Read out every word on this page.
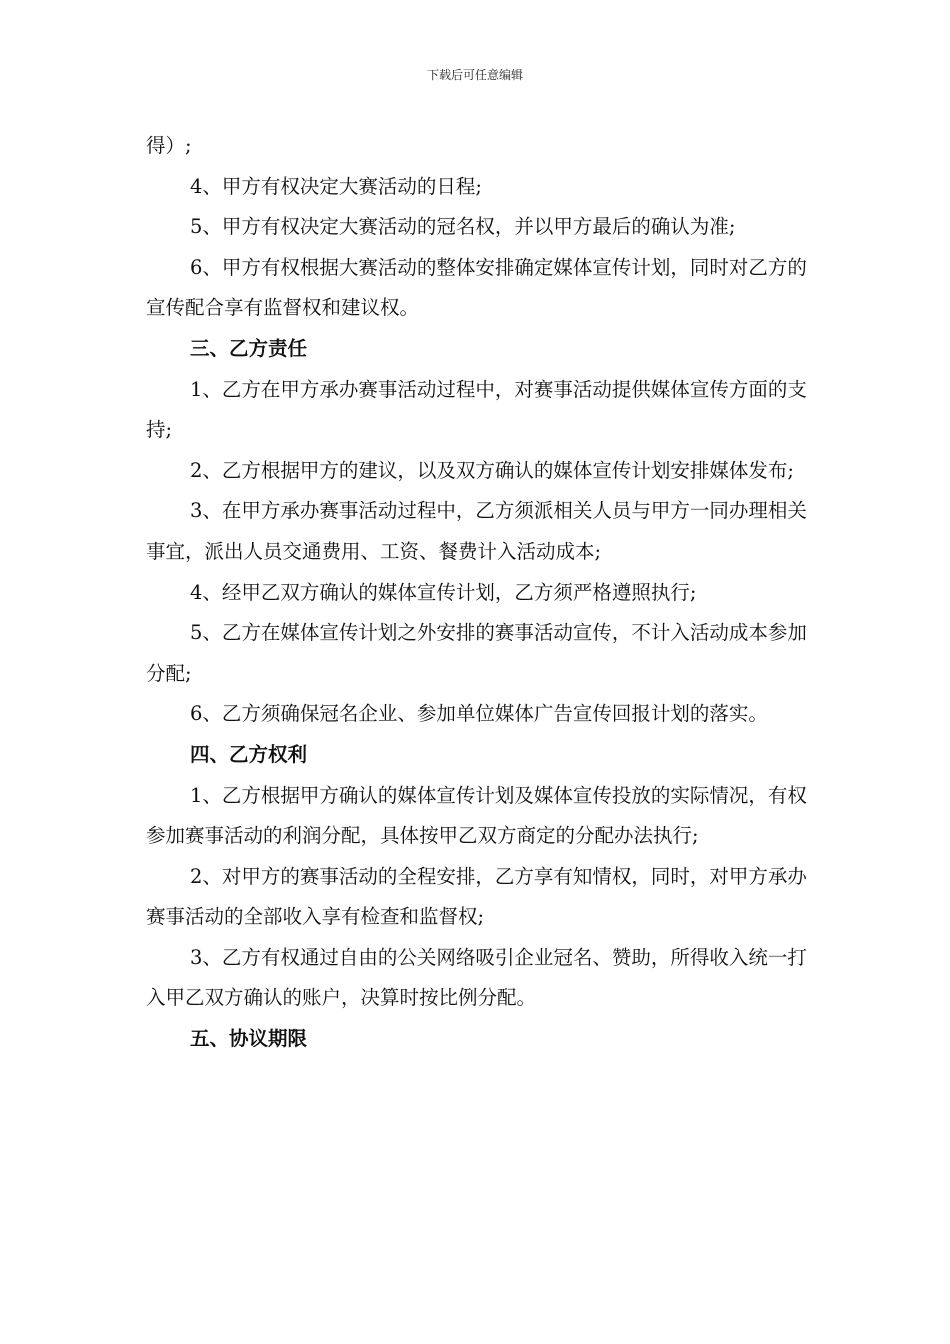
下载后可任意编辑

得）;

4、甲方有权决定大赛活动的日程;

5、甲方有权决定大赛活动的冠名权，并以甲方最后的确认为准;

6、甲方有权根据大赛活动的整体安排确定媒体宣传计划，同时对乙方的宣传配合享有监督权和建议权。

三、乙方责任

1、乙方在甲方承办赛事活动过程中，对赛事活动提供媒体宣传方面的支持;

2、乙方根据甲方的建议，以及双方确认的媒体宣传计划安排媒体发布;

3、在甲方承办赛事活动过程中，乙方须派相关人员与甲方一同办理相关事宜，派出人员交通费用、工资、餐费计入活动成本;

4、经甲乙双方确认的媒体宣传计划，乙方须严格遵照执行;

5、乙方在媒体宣传计划之外安排的赛事活动宣传，不计入活动成本参加分配;

6、乙方须确保冠名企业、参加单位媒体广告宣传回报计划的落实。

四、乙方权利

1、乙方根据甲方确认的媒体宣传计划及媒体宣传投放的实际情况，有权参加赛事活动的利润分配，具体按甲乙双方商定的分配办法执行;

2、对甲方的赛事活动的全程安排，乙方享有知情权，同时，对甲方承办赛事活动的全部收入享有检查和监督权;

3、乙方有权通过自由的公关网络吸引企业冠名、赞助，所得收入统一打入甲乙双方确认的账户，决算时按比例分配。

五、协议期限
